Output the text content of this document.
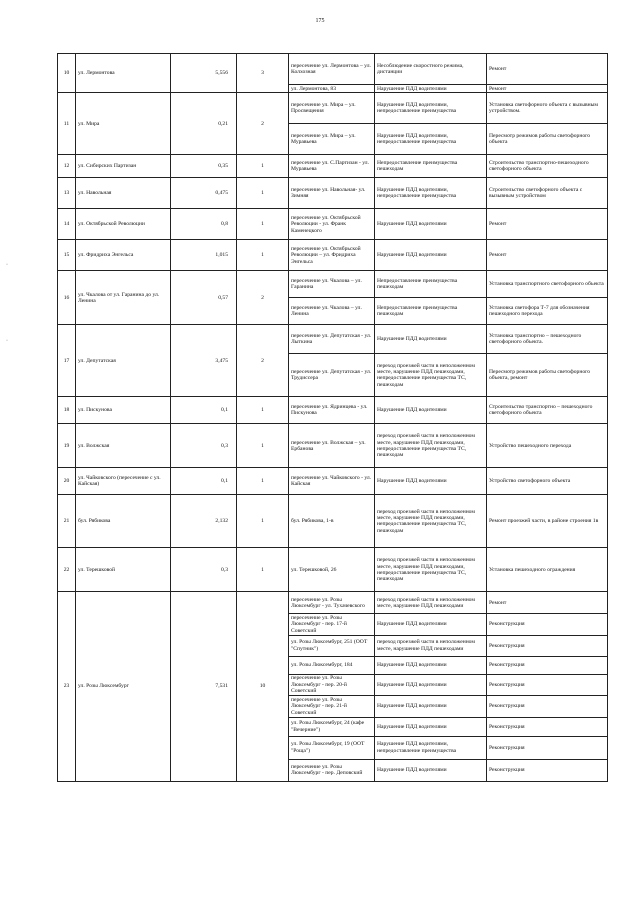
175
·
·
10	ул. Лермонтова	5,556	3	пересечение ул. Лермонтова – ул. Колхозная	Несоблюдение скоростного режима, дистанции	Ремонт
				ул. Лермонтова, 83	Нарушение ПДД водителями	Ремонт
11	ул. Мира	0,21	2	пересечение ул. Мира – ул. Просвещения	Нарушение ПДД водителями, непредоставление преимущества	Установка светофорного объекта с вызывным устройством.
				пересечение ул. Мира – ул. Муравьева	Нарушение ПДД водителями, непредоставление преимущества	Пересмотр режимов работы светофорного объекта
12	ул. Сибирских Партизан	0,35	1	пересечение ул. С.Партизан - ул. Муравьева	Непредоставление преимущества пешеходам	Строительство транспортно-пешеходного светофорного объекта
13	ул. Навольная	0,475	1	пересечение ул. Навольная- ул. Зимняя	Нарушение ПДД водителями, непредоставление преимущества	Строительство светофорного объекта с вызывным устройством
14	ул. Октябрьской Революции	0,8	1	пересечение ул. Октябрьской Революции - ул. Франк Каменецкого	Нарушение ПДД водителями	Ремонт
15	ул. Фридриха Энгельса	1,015	1	пересечение ул. Октябрьской Революции – ул. Фридриха Энгельса	Нарушение ПДД водителями	Ремонт
16	ул. Чкалова от ул. Гаранина до ул. Ленина	0,57	2	пересечение ул. Чкалова – ул. Гаранина	Непредоставление преимущества пешеходам	Установка транспортного светофорного объекта
				пересечение ул. Чкалова – ул. Ленина	Непредоставление преимущества пешеходам	Установка светофора Т-7 для обозначения пешеходного перехода
17	ул. Депутатская	3,475	2	пересечение ул. Депутатская - ул. Лыткина	Нарушение ПДД водителями	Установка транспортно – пешеходного светофорного объекта.
				пересечение ул. Депутатская - ул. Трудиссера	переход проезжей части в неположенном месте, нарушение ПДД пешеходами, непредоставление преимущества ТС, пешеходам	Пересмотр режимов работы светофорного объекта, ремонт
18	ул. Пискунова	0,1	1	пересечение ул. Ядринцева - ул. Пискунова	Нарушение ПДД водителями	Строительство транспортно – пешеходного светофорного объекта
19	ул. Волжская	0,3	1	пересечение ул. Волжская – ул. Ербанова	переход проезжей части в неположенном месте, нарушение ПДД пешеходами, непредоставление преимущества ТС, пешеходам	Устройство пешеходного перехода
20	ул. Чайковского (пересечение с ул. Кайская)	0,1	1	пересечение ул. Чайковского - ул. Кайская	Нарушение ПДД водителями	Устройство светофорного объекта
21	бул. Рябикова	2,132	1	бул. Рябикова, 1-в	переход проезжей части в неположенном месте, нарушение ПДД пешеходами, непредоставление преимущества ТС, пешеходам	Ремонт проезжей части, в районе строения 1в
22	ул. Терешковой	0,3	1	ул. Терешковой, 26	переход проезжей части в неположенном месте, нарушение ПДД пешеходами, непредоставление преимущества ТС, пешеходам	Установка пешеходного ограждения
23	ул. Розы Люксембург	7,531	10	пересечение ул. Розы Люксембург - ул. Тухачевского	переход проезжей части в неположенном месте, нарушение ПДД пешеходами	Ремонт
				пересечение ул. Розы Люксембург - пер. 17-й Советский	Нарушение ПДД водителями	Реконструкция
				ул. Розы Люксембург, 251 (ООТ "Спутник")	переход проезжей части в неположенном месте, нарушение ПДД пешеходами	Реконструкция
				ул. Розы Люксембург, 184	Нарушение ПДД водителями	Реконструкция
				пересечение ул. Розы Люксембург - пер. 20-й Советский	Нарушение ПДД водителями	Реконструкция
				пересечение ул. Розы Люксембург - пер. 21-й Советский	Нарушение ПДД водителями	Реконструкция
				ул. Розы Люксембург, 24 (кафе "Вечерние")	Нарушение ПДД водителями	Реконструкция
				ул. Розы Люксембург, 19 (ООТ "Роща")	Нарушение ПДД водителями, непредоставление преимущества	Реконструкция
				пересечение ул. Розы Люксембург - пер. Деповский	Нарушение ПДД водителями	Реконструкция
